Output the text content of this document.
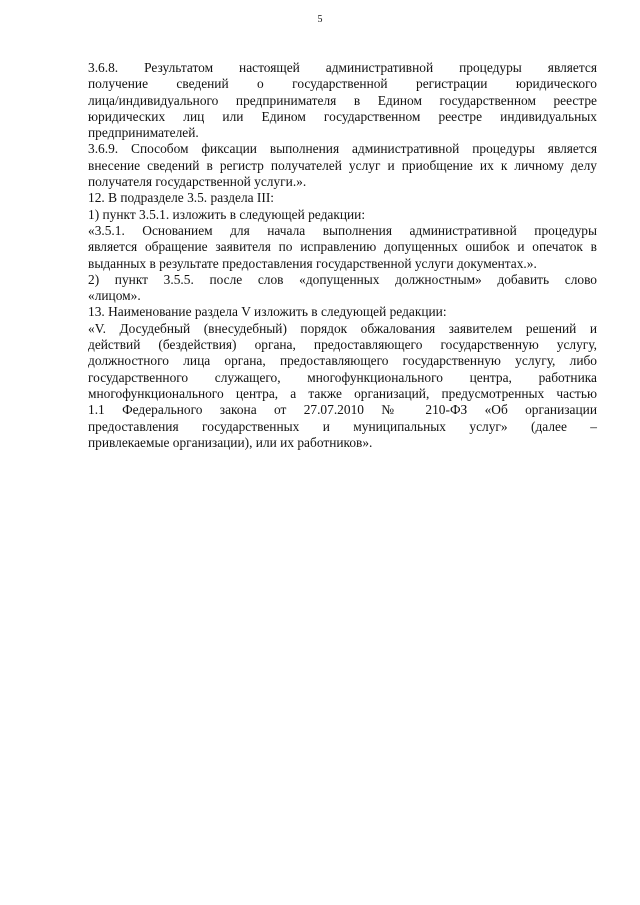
5
3.6.8. Результатом настоящей административной процедуры является
получение сведений о государственной регистрации юридического
лица/индивидуального предпринимателя в Едином государственном реестре
юридических лиц или Едином государственном реестре индивидуальных
предпринимателей.
3.6.9. Способом фиксации выполнения административной процедуры является
внесение сведений в регистр получателей услуг и приобщение их к личному делу
получателя государственной услуги.».
12. В подразделе 3.5. раздела III:
1) пункт 3.5.1. изложить в следующей редакции:
«3.5.1. Основанием для начала выполнения административной процедуры
является обращение заявителя по исправлению допущенных ошибок и опечаток в
выданных в результате предоставления государственной услуги документах.».
2) пункт 3.5.5. после слов «допущенных должностным» добавить слово
«лицом».
13. Наименование раздела V изложить в следующей редакции:
«V. Досудебный (внесудебный) порядок обжалования заявителем решений и
действий (бездействия) органа, предоставляющего государственную услугу,
должностного лица органа, предоставляющего государственную услугу, либо
государственного служащего, многофункционального центра, работника
многофункционального центра, а также организаций, предусмотренных частью
1.1 Федерального закона от 27.07.2010 № 210-ФЗ «Об организации
предоставления государственных и муниципальных услуг» (далее –
привлекаемые организации), или их работников».
